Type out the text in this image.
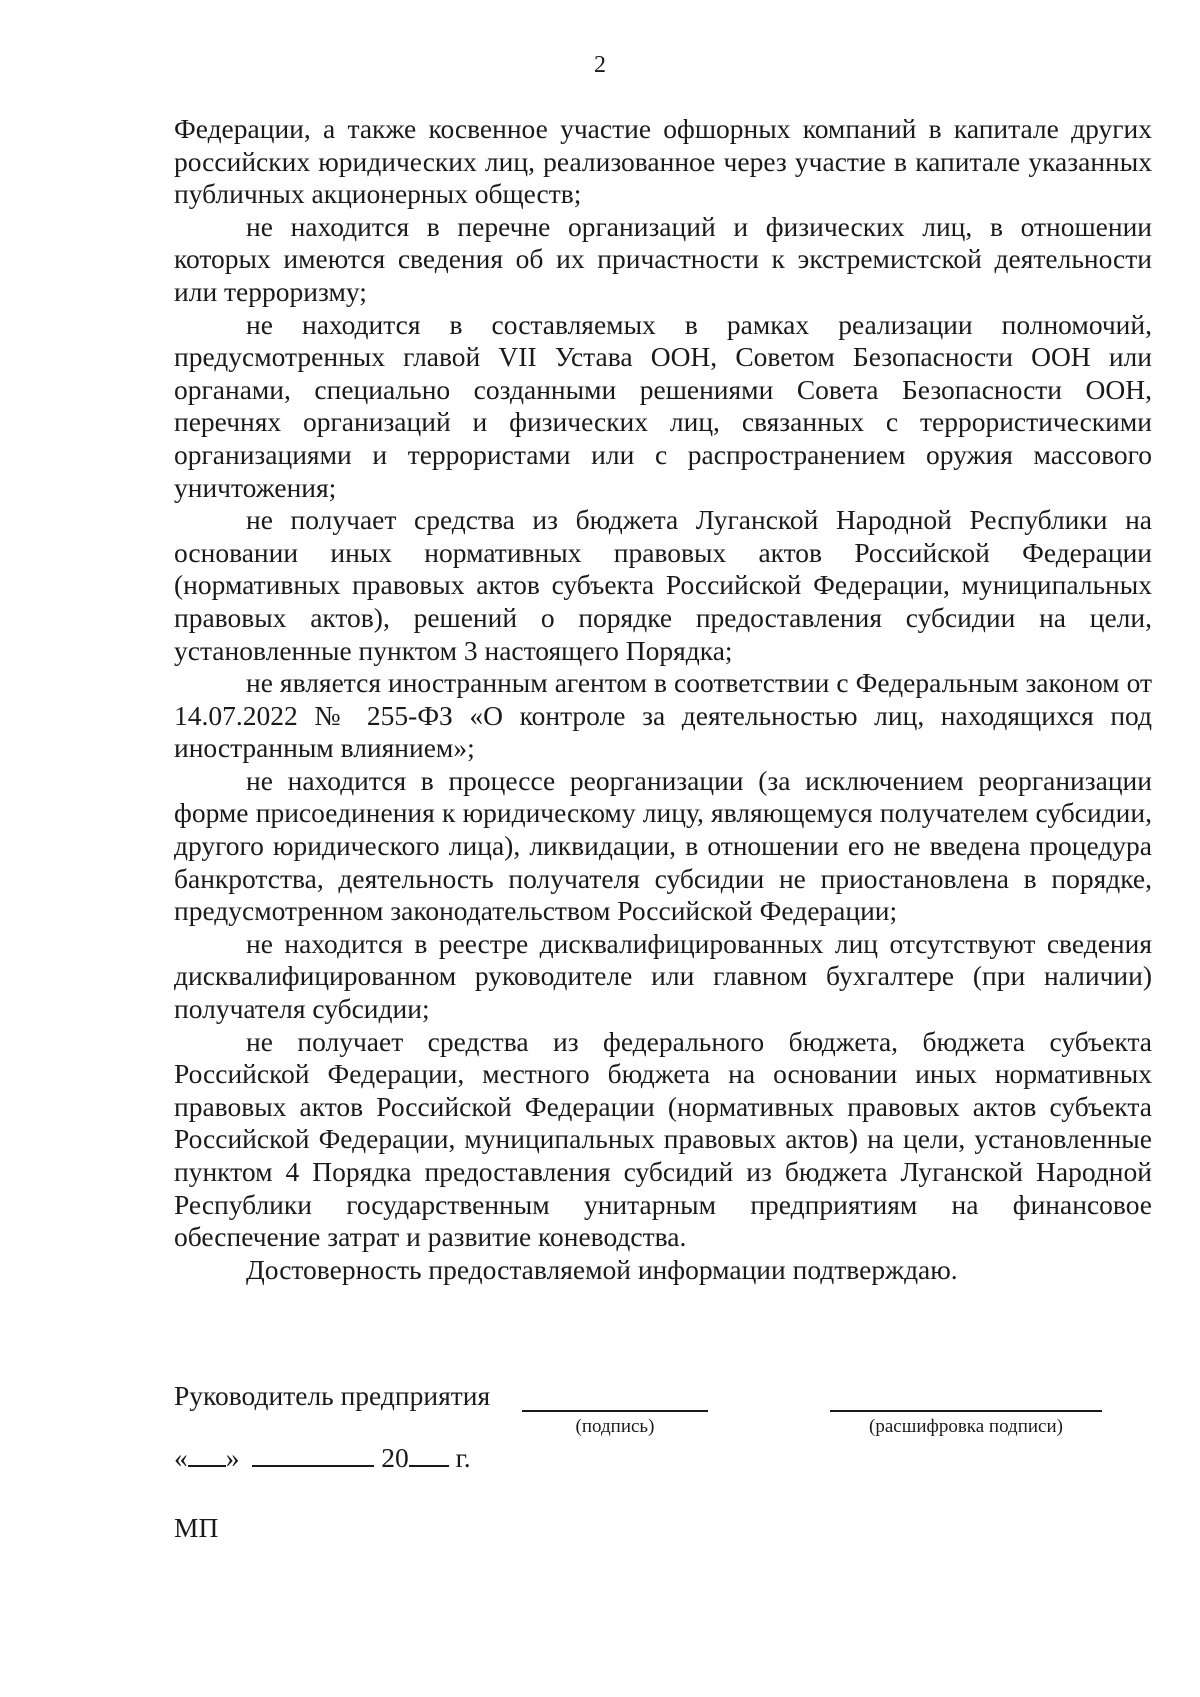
2

Федерации, а также косвенное участие офшорных компаний в капитале других российских юридических лиц, реализованное через участие в капитале указанных публичных акционерных обществ;

не находится в перечне организаций и физических лиц, в отношении которых имеются сведения об их причастности к экстремистской деятельности или терроризму;

не находится в составляемых в рамках реализации полномочий, предусмотренных главой VII Устава ООН, Советом Безопасности ООН или органами, специально созданными решениями Совета Безопасности ООН, перечнях организаций и физических лиц, связанных с террористическими организациями и террористами или с распространением оружия массового уничтожения;

не получает средства из бюджета Луганской Народной Республики на основании иных нормативных правовых актов Российской Федерации (нормативных правовых актов субъекта Российской Федерации, муниципальных правовых актов), решений о порядке предоставления субсидии на цели, установленные пунктом 3 настоящего Порядка;

не является иностранным агентом в соответствии с Федеральным законом от 14.07.2022 № 255-ФЗ «О контроле за деятельностью лиц, находящихся под иностранным влиянием»;

не находится в процессе реорганизации (за исключением реорганизации форме присоединения к юридическому лицу, являющемуся получателем субсидии, другого юридического лица), ликвидации, в отношении его не введена процедура банкротства, деятельность получателя субсидии не приостановлена в порядке, предусмотренном законодательством Российской Федерации;

не находится в реестре дисквалифицированных лиц отсутствуют сведения дисквалифицированном руководителе или главном бухгалтере (при наличии) получателя субсидии;

не получает средства из федерального бюджета, бюджета субъекта Российской Федерации, местного бюджета на основании иных нормативных правовых актов Российской Федерации (нормативных правовых актов субъекта Российской Федерации, муниципальных правовых актов) на цели, установленные пунктом 4 Порядка предоставления субсидий из бюджета Луганской Народной Республики государственным унитарным предприятиям на финансовое обеспечение затрат и развитие коневодства.

Достоверность предоставляемой информации подтверждаю.

Руководитель предприятия
(подпись)	(расшифровка подписи)
« »	20 г.
МП
